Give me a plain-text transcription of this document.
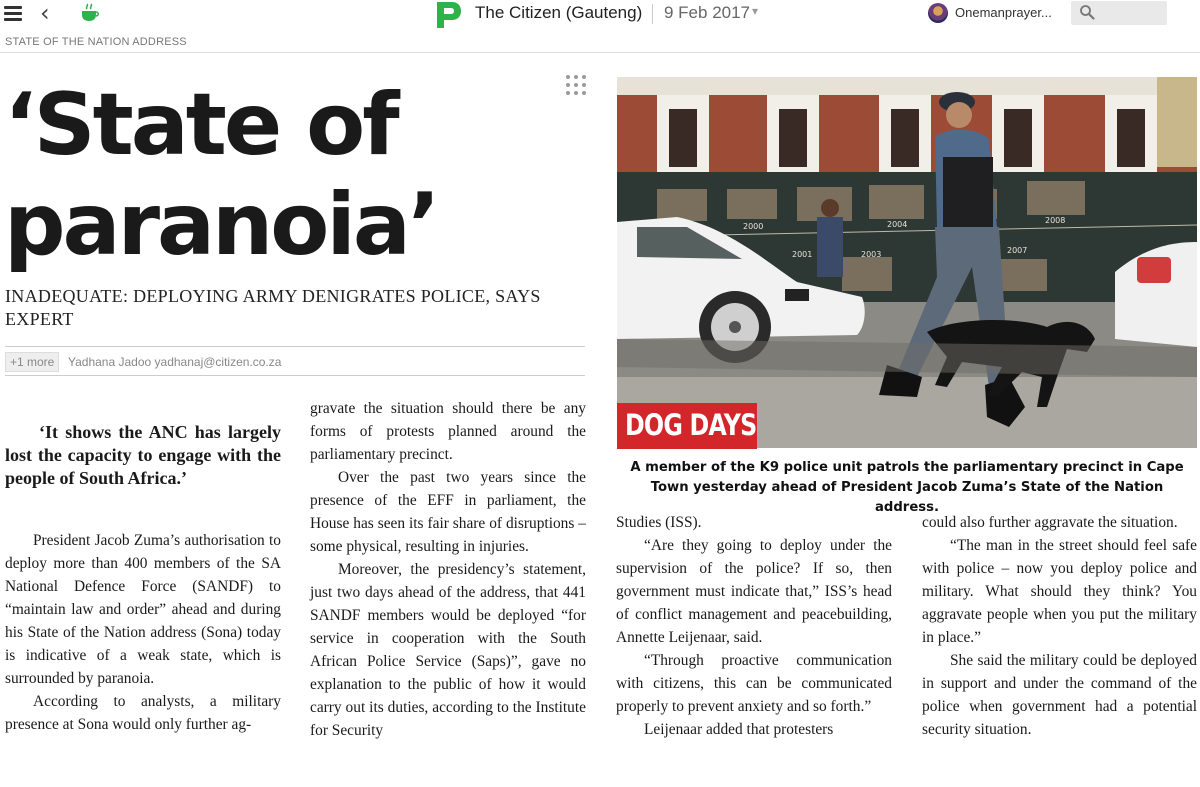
‹	The Citizen (Gauteng) 9 Feb 2017 ▾	Onemanprayer...
STATE OF THE NATION ADDRESS
‘State of
paranoia’
INADEQUATE: DEPLOYING ARMY DENIGRATES POLICE, SAYS EXPERT
+1 more	Yadhana Jadoo yadhanaj@citizen.co.za
‘It shows the ANC has largely lost the capacity to engage with the people of South Africa.’

President Jacob Zuma’s authorisation to deploy more than 400 members of the SA National Defence Force (SANDF) to “maintain law and order” ahead and during his State of the Nation address (Sona) today is indicative of a weak state, which is surrounded by paranoia.

According to analysts, a military presence at Sona would only further ag-

gravate the situation should there be any forms of protests planned around the parliamentary precinct.

Over the past two years since the presence of the EFF in parliament, the House has seen its fair share of disruptions – some physical, resulting in injuries.

Moreover, the presidency’s statement, just two days ahead of the address, that 441 SANDF members would be deployed “for service in cooperation with the South African Police Service (Saps)”, gave no explanation to the public of how it would carry out its duties, according to the Institute for Security

Studies (ISS).

“Are they going to deploy under the supervision of the police? If so, then government must indicate that,” ISS’s head of conflict management and peacebuilding, Annette Leijenaar, said.

“Through proactive communication with citizens, this can be communicated properly to prevent anxiety and so forth.”

Leijenaar added that protesters

could also further aggravate the situation.

“The man in the street should feel safe with police – now you deploy police and military. What should they think? You aggravate people when you put the military in place.”

She said the military could be deployed in support and under the command of the police when government had a potential security situation.

2000
2001	2003
2004
2007
2008
DOG DAYS
A member of the K9 police unit patrols the parliamentary precinct in Cape Town yesterday ahead of President Jacob Zuma’s State of the Nation address.
